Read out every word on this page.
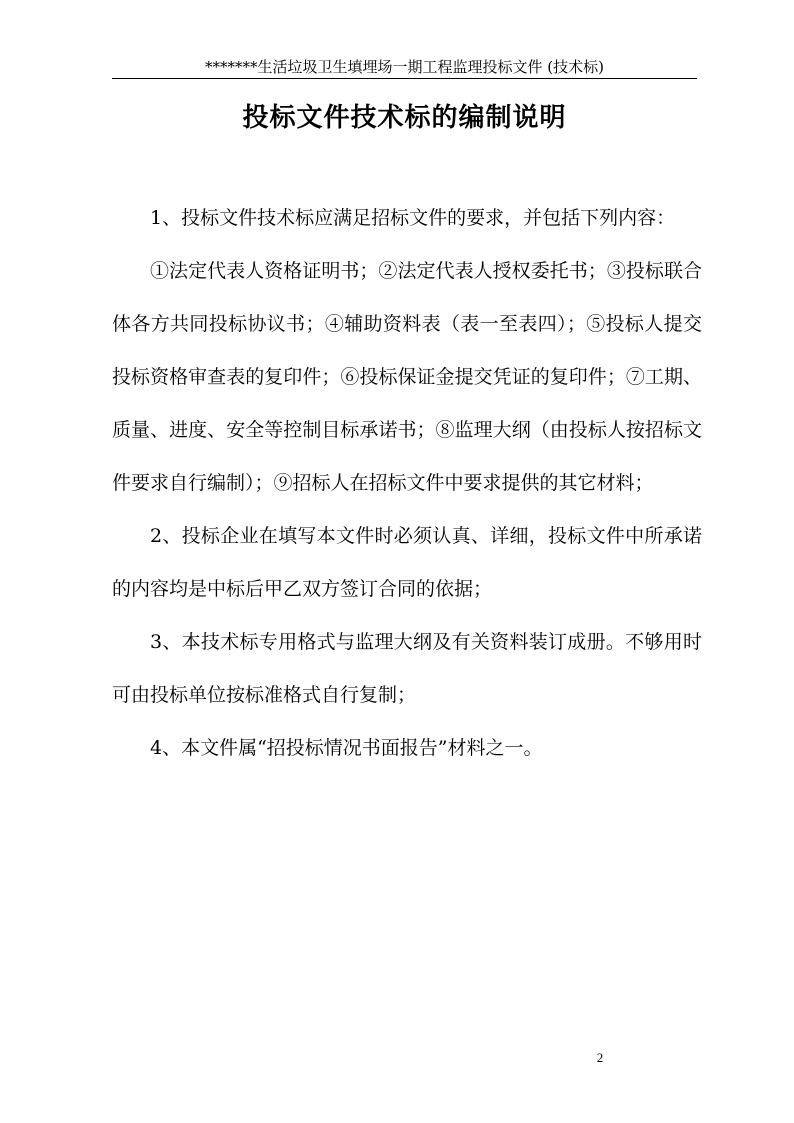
*******生活垃圾卫生填埋场一期工程监理投标文件 (技术标)
投标文件技术标的编制说明

1、投标文件技术标应满足招标文件的要求，并包括下列内容：

①法定代表人资格证明书；②法定代表人授权委托书；③投标联合体各方共同投标协议书；④辅助资料表（表一至表四）；⑤投标人提交投标资格审查表的复印件；⑥投标保证金提交凭证的复印件；⑦工期、质量、进度、安全等控制目标承诺书；⑧监理大纲（由投标人按招标文件要求自行编制）；⑨招标人在招标文件中要求提供的其它材料；

2、投标企业在填写本文件时必须认真、详细，投标文件中所承诺的内容均是中标后甲乙双方签订合同的依据；

3、本技术标专用格式与监理大纲及有关资料装订成册。不够用时可由投标单位按标准格式自行复制；

4、本文件属“招投标情况书面报告”材料之一。

2
